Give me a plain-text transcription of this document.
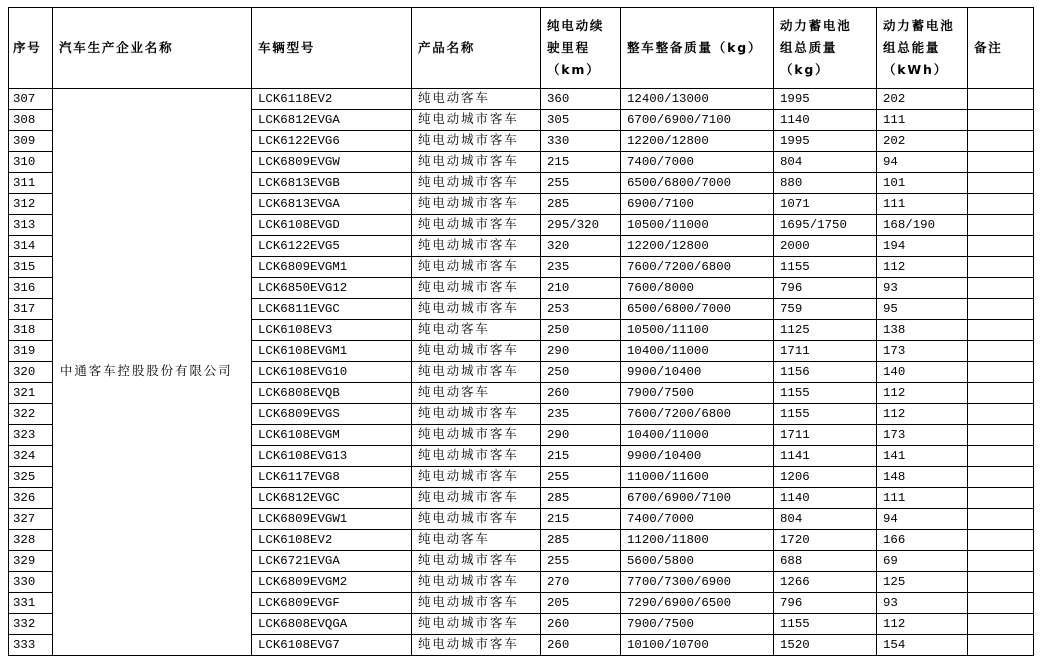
序号	汽车生产企业名称	车辆型号	产品名称	纯电动续
驶里程
（km）	整车整备质量（kg）	动力蓄电池
组总质量
（kg）	动力蓄电池
组总能量
（kWh）	备注
307	中通客车控股股份有限公司	LCK6118EV2	纯电动客车	360	12400/13000	1995	202	
308		LCK6812EVGA	纯电动城市客车	305	6700/6900/7100	1140	111	
309		LCK6122EVG6	纯电动城市客车	330	12200/12800	1995	202	
310		LCK6809EVGW	纯电动城市客车	215	7400/7000	804	94	
311		LCK6813EVGB	纯电动城市客车	255	6500/6800/7000	880	101	
312		LCK6813EVGA	纯电动城市客车	285	6900/7100	1071	111	
313		LCK6108EVGD	纯电动城市客车	295/320	10500/11000	1695/1750	168/190	
314		LCK6122EVG5	纯电动城市客车	320	12200/12800	2000	194	
315		LCK6809EVGM1	纯电动城市客车	235	7600/7200/6800	1155	112	
316		LCK6850EVG12	纯电动城市客车	210	7600/8000	796	93	
317		LCK6811EVGC	纯电动城市客车	253	6500/6800/7000	759	95	
318		LCK6108EV3	纯电动客车	250	10500/11100	1125	138	
319		LCK6108EVGM1	纯电动城市客车	290	10400/11000	1711	173	
320		LCK6108EVG10	纯电动城市客车	250	9900/10400	1156	140	
321		LCK6808EVQB	纯电动客车	260	7900/7500	1155	112	
322		LCK6809EVGS	纯电动城市客车	235	7600/7200/6800	1155	112	
323		LCK6108EVGM	纯电动城市客车	290	10400/11000	1711	173	
324		LCK6108EVG13	纯电动城市客车	215	9900/10400	1141	141	
325		LCK6117EVG8	纯电动城市客车	255	11000/11600	1206	148	
326		LCK6812EVGC	纯电动城市客车	285	6700/6900/7100	1140	111	
327		LCK6809EVGW1	纯电动城市客车	215	7400/7000	804	94	
328		LCK6108EV2	纯电动客车	285	11200/11800	1720	166	
329		LCK6721EVGA	纯电动城市客车	255	5600/5800	688	69	
330		LCK6809EVGM2	纯电动城市客车	270	7700/7300/6900	1266	125	
331		LCK6809EVGF	纯电动城市客车	205	7290/6900/6500	796	93	
332		LCK6808EVQGA	纯电动城市客车	260	7900/7500	1155	112	
333		LCK6108EVG7	纯电动城市客车	260	10100/10700	1520	154	
